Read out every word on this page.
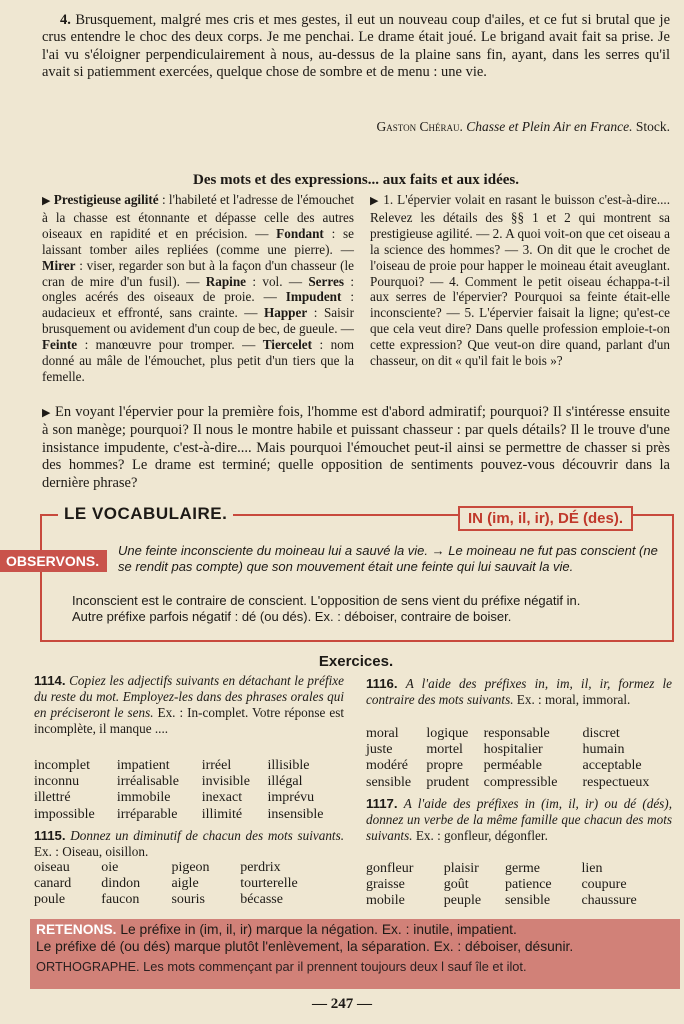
4. Brusquement, malgré mes cris et mes gestes, il eut un nouveau coup d'ailes, et ce fut si brutal que je crus entendre le choc des deux corps. Je me penchai. Le drame était joué. Le brigand avait fait sa prise. Je l'ai vu s'éloigner perpendiculairement à nous, au-dessus de la plaine sans fin, ayant, dans les serres qu'il avait si patiemment exercées, quelque chose de sombre et de menu : une vie.
Gaston Chérau. Chasse et Plein Air en France. Stock.
Des mots et des expressions... aux faits et aux idées.
▶ Prestigieuse agilité : l'habileté et l'adresse de l'émouchet à la chasse est étonnante et dépasse celle des autres oiseaux en rapidité et en précision. — Fondant : se laissant tomber ailes repliées (comme une pierre). — Mirer : viser, regarder son but à la façon d'un chasseur (le cran de mire d'un fusil). — Rapine : vol. — Serres : ongles acérés des oiseaux de proie. — Impudent : audacieux et effronté, sans crainte. — Happer : Saisir brusquement ou avidement d'un coup de bec, de gueule. — Feinte : manœuvre pour tromper. — Tiercelet : nom donné au mâle de l'émouchet, plus petit d'un tiers que la femelle.
▶ 1. L'épervier volait en rasant le buisson c'est-à-dire.... Relevez les détails des §§ 1 et 2 qui montrent sa prestigieuse agilité. — 2. A quoi voit-on que cet oiseau a la science des hommes? — 3. On dit que le crochet de l'oiseau de proie pour happer le moineau était aveuglant. Pourquoi? — 4. Comment le petit oiseau échappa-t-il aux serres de l'épervier? Pourquoi sa feinte était-elle inconsciente? — 5. L'épervier faisait la ligne; qu'est-ce que cela veut dire? Dans quelle profession emploie-t-on cette expression? Que veut-on dire quand, parlant d'un chasseur, on dit « qu'il fait le bois »?
▶ En voyant l'épervier pour la première fois, l'homme est d'abord admiratif; pourquoi? Il s'intéresse ensuite à son manège; pourquoi? Il nous le montre habile et puissant chasseur : par quels détails? Il le trouve d'une insistance impudente, c'est-à-dire.... Mais pourquoi l'émouchet peut-il ainsi se permettre de chasser si près des hommes? Le drame est terminé; quelle opposition de sentiments pouvez-vous découvrir dans la dernière phrase?
LE VOCABULAIRE.	IN (im, il, ir), DÉ (des).
OBSERVONS.
Une feinte inconsciente du moineau lui a sauvé la vie. → Le moineau ne fut pas conscient (ne se rendit pas compte) que son mouvement était une feinte qui lui sauvait la vie.
Inconscient est le contraire de conscient. L'opposition de sens vient du préfixe négatif in.
Autre préfixe parfois négatif : dé (ou dés). Ex. : déboiser, contraire de boiser.
Exercices.
1114. Copiez les adjectifs suivants en détachant le préfixe du reste du mot. Employez-les dans des phrases orales qui en préciseront le sens. Ex. : In-complet. Votre réponse est incomplète, il manque ....
incomplet	impatient	irréel	illisible
inconnu	irréalisable	invisible	illégal
illettré	immobile	inexact	imprévu
impossible	irréparable	illimité	insensible
1115. Donnez un diminutif de chacun des mots suivants. Ex. : Oiseau, oisillon.
oiseau	oie	pigeon	perdrix
canard	dindon	aigle	tourterelle
poule	faucon	souris	bécasse
1116. A l'aide des préfixes in, im, il, ir, formez le contraire des mots suivants. Ex. : moral, immoral.
moral	logique	responsable	discret
juste	mortel	hospitalier	humain
modéré	propre	perméable	acceptable
sensible	prudent	compressible	respectueux
1117. A l'aide des préfixes in (im, il, ir) ou dé (dés), donnez un verbe de la même famille que chacun des mots suivants. Ex. : gonfleur, dégonfler.
gonfleur	plaisir	germe	lien
graisse	goût	patience	coupure
mobile	peuple	sensible	chaussure
RETENONS. Le préfixe in (im, il, ir) marque la négation. Ex. : inutile, impatient.
Le préfixe dé (ou dés) marque plutôt l'enlèvement, la séparation. Ex. : déboiser, désunir.
ORTHOGRAPHE. Les mots commençant par il prennent toujours deux l sauf île et ilot.
— 247 —
